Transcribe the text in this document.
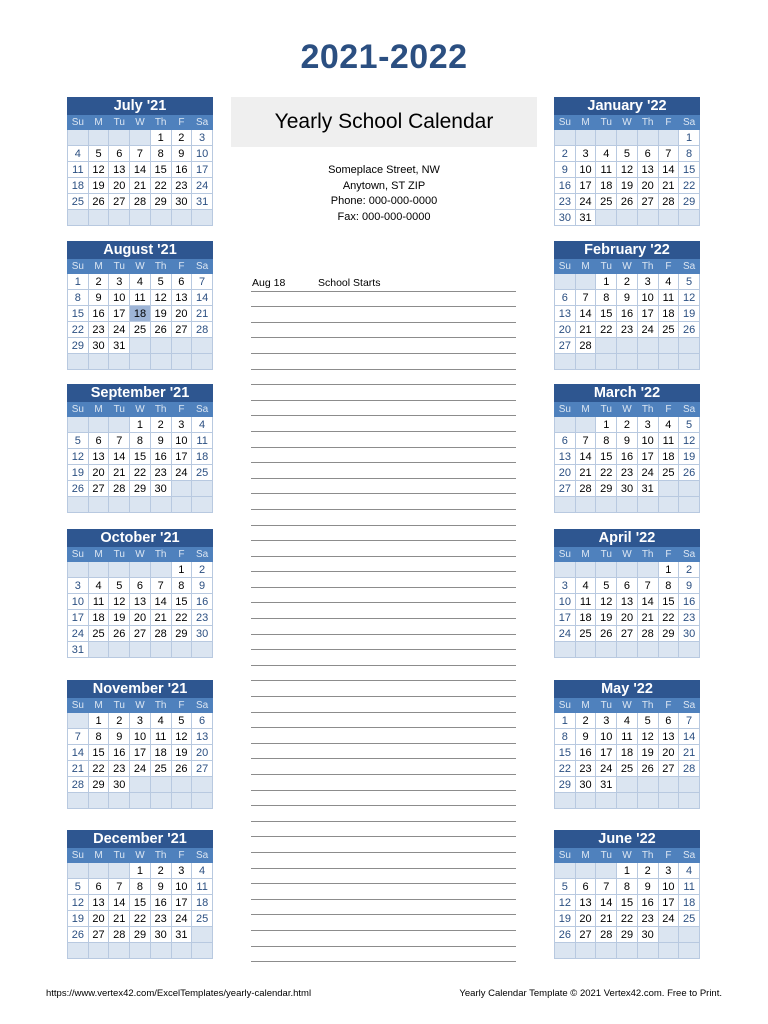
2021-2022
Yearly School Calendar
Someplace Street, NW
Anytown, ST ZIP
Phone: 000-000-0000
Fax: 000-000-0000
Aug 18	School Starts
July '21
Su	M	Tu	W	Th	F	Sa
				1	2	3
4	5	6	7	8	9	10
11	12	13	14	15	16	17
18	19	20	21	22	23	24
25	26	27	28	29	30	31

August '21
Su	M	Tu	W	Th	F	Sa
1	2	3	4	5	6	7
8	9	10	11	12	13	14
15	16	17	18	19	20	21
22	23	24	25	26	27	28
29	30	31				

September '21
Su	M	Tu	W	Th	F	Sa
			1	2	3	4
5	6	7	8	9	10	11
12	13	14	15	16	17	18
19	20	21	22	23	24	25
26	27	28	29	30		

October '21
Su	M	Tu	W	Th	F	Sa
					1	2
3	4	5	6	7	8	9
10	11	12	13	14	15	16
17	18	19	20	21	22	23
24	25	26	27	28	29	30
31						
November '21
Su	M	Tu	W	Th	F	Sa
	1	2	3	4	5	6
7	8	9	10	11	12	13
14	15	16	17	18	19	20
21	22	23	24	25	26	27
28	29	30				

December '21
Su	M	Tu	W	Th	F	Sa
			1	2	3	4
5	6	7	8	9	10	11
12	13	14	15	16	17	18
19	20	21	22	23	24	25
26	27	28	29	30	31	

January '22
Su	M	Tu	W	Th	F	Sa
						1
2	3	4	5	6	7	8
9	10	11	12	13	14	15
16	17	18	19	20	21	22
23	24	25	26	27	28	29
30	31					
February '22
Su	M	Tu	W	Th	F	Sa
		1	2	3	4	5
6	7	8	9	10	11	12
13	14	15	16	17	18	19
20	21	22	23	24	25	26
27	28					

March '22
Su	M	Tu	W	Th	F	Sa
		1	2	3	4	5
6	7	8	9	10	11	12
13	14	15	16	17	18	19
20	21	22	23	24	25	26
27	28	29	30	31		

April '22
Su	M	Tu	W	Th	F	Sa
					1	2
3	4	5	6	7	8	9
10	11	12	13	14	15	16
17	18	19	20	21	22	23
24	25	26	27	28	29	30

May '22
Su	M	Tu	W	Th	F	Sa
1	2	3	4	5	6	7
8	9	10	11	12	13	14
15	16	17	18	19	20	21
22	23	24	25	26	27	28
29	30	31				

June '22
Su	M	Tu	W	Th	F	Sa
			1	2	3	4
5	6	7	8	9	10	11
12	13	14	15	16	17	18
19	20	21	22	23	24	25
26	27	28	29	30		

https://www.vertex42.com/ExcelTemplates/yearly-calendar.html	Yearly Calendar Template © 2021 Vertex42.com. Free to Print.
